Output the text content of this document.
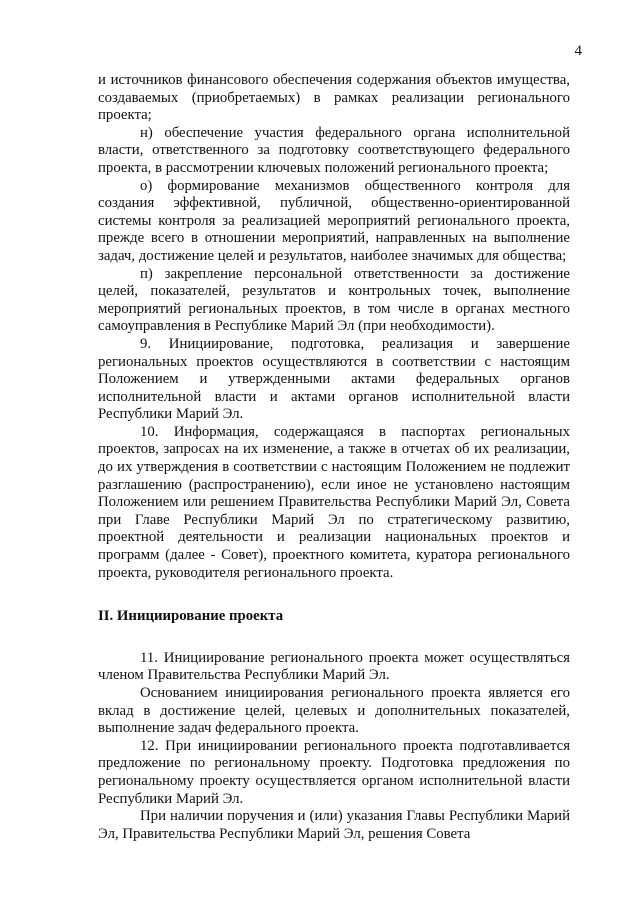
4

и источников финансового обеспечения содержания объектов имущества, создаваемых (приобретаемых) в рамках реализации регионального проекта;

н) обеспечение участия федерального органа исполнительной власти, ответственного за подготовку соответствующего федерального проекта, в рассмотрении ключевых положений регионального проекта;

о) формирование механизмов общественного контроля для создания эффективной, публичной, общественно-ориентированной системы контроля за реализацией мероприятий регионального проекта, прежде всего в отношении мероприятий, направленных на выполнение задач, достижение целей и результатов, наиболее значимых для общества;

п) закрепление персональной ответственности за достижение целей, показателей, результатов и контрольных точек, выполнение мероприятий региональных проектов, в том числе в органах местного самоуправления в Республике Марий Эл (при необходимости).

9. Инициирование, подготовка, реализация и завершение региональных проектов осуществляются в соответствии с настоящим Положением и утвержденными актами федеральных органов исполнительной власти и актами органов исполнительной власти Республики Марий Эл.

10. Информация, содержащаяся в паспортах региональных проектов, запросах на их изменение, а также в отчетах об их реализации, до их утверждения в соответствии с настоящим Положением не подлежит разглашению (распространению), если иное не установлено настоящим Положением или решением Правительства Республики Марий Эл, Совета при Главе Республики Марий Эл по стратегическому развитию, проектной деятельности и реализации национальных проектов и программ (далее - Совет), проектного комитета, куратора регионального проекта, руководителя регионального проекта.

II. Инициирование проекта

11. Инициирование регионального проекта может осуществляться членом Правительства Республики Марий Эл.

Основанием инициирования регионального проекта является его вклад в достижение целей, целевых и дополнительных показателей, выполнение задач федерального проекта.

12. При инициировании регионального проекта подготавливается предложение по региональному проекту. Подготовка предложения по региональному проекту осуществляется органом исполнительной власти Республики Марий Эл.

При наличии поручения и (или) указания Главы Республики Марий Эл, Правительства Республики Марий Эл, решения Совета
